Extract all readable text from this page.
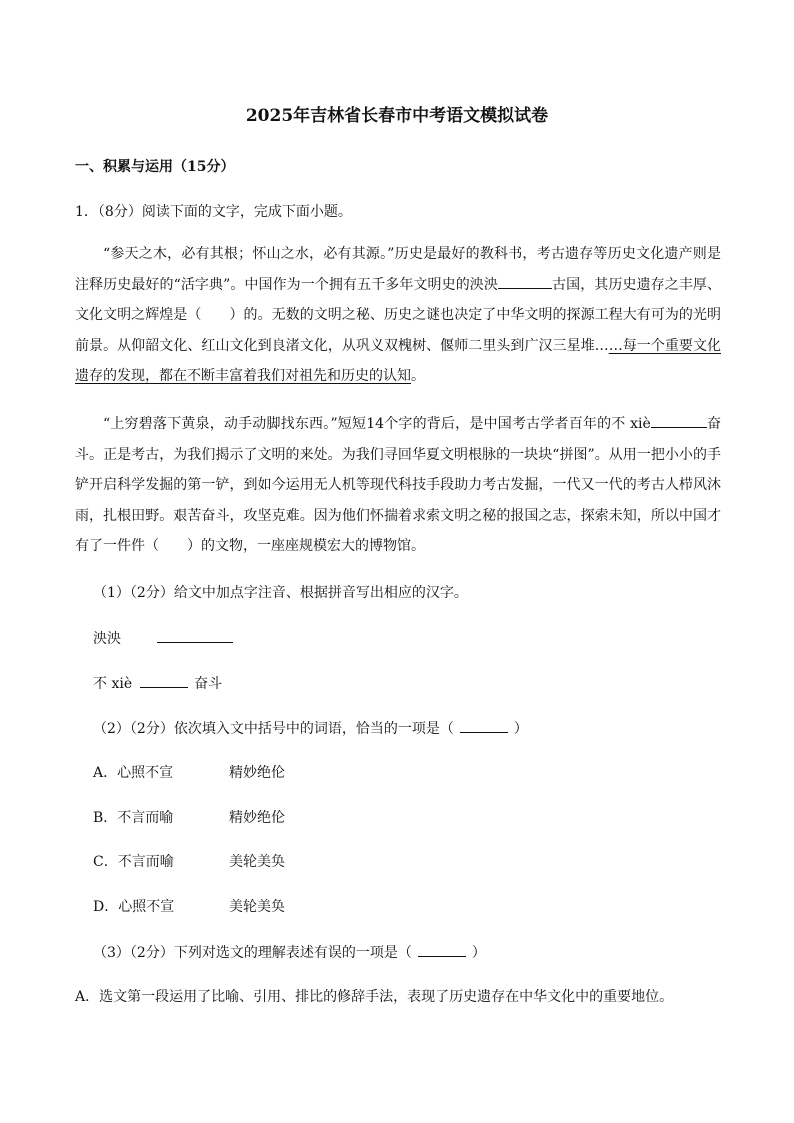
2025年吉林省长春市中考语文模拟试卷
一、积累与运用（15分）
1．（8分）阅读下面的文字，完成下面小题。
“参天之木，必有其根；怀山之水，必有其源。”历史是最好的教科书，考古遗存等历史文化遗产则是注释历史最好的“活字典”。中国作为一个拥有五千多年文明史的泱泱	古国，其历史遗存之丰厚、文化文明之辉煌是（　　）的。无数的文明之秘、历史之谜也决定了中华文明的探源工程大有可为的光明前景。从仰韶文化、红山文化到良渚文化，从巩义双槐树、偃师二里头到广汉三星堆……每一个重要文化遗存的发现，都在不断丰富着我们对祖先和历史的认知。
“上穷碧落下黄泉，动手动脚找东西。”短短14个字的背后，是中国考古学者百年的不 xiè	奋斗。正是考古，为我们揭示了文明的来处。为我们寻回华夏文明根脉的一块块“拼图”。从用一把小小的手铲开启科学发掘的第一铲，到如今运用无人机等现代科技手段助力考古发掘，一代又一代的考古人栉风沐雨，扎根田野。艰苦奋斗，攻坚克难。因为他们怀揣着求索文明之秘的报国之志，探索未知，所以中国才有了一件件（　　）的文物，一座座规模宏大的博物馆。
（1）（2分）给文中加点字注音、根据拼音写出相应的汉字。
泱泱
不 xiè	奋斗
（2）（2分）依次填入文中括号中的词语，恰当的一项是（	）
A．心照不宣	精妙绝伦
B．不言而喻	精妙绝伦
C．不言而喻	美轮美奂
D．心照不宣	美轮美奂
（3）（2分）下列对选文的理解表述有误的一项是（	）
A．选文第一段运用了比喻、引用、排比的修辞手法，表现了历史遗存在中华文化中的重要地位。
